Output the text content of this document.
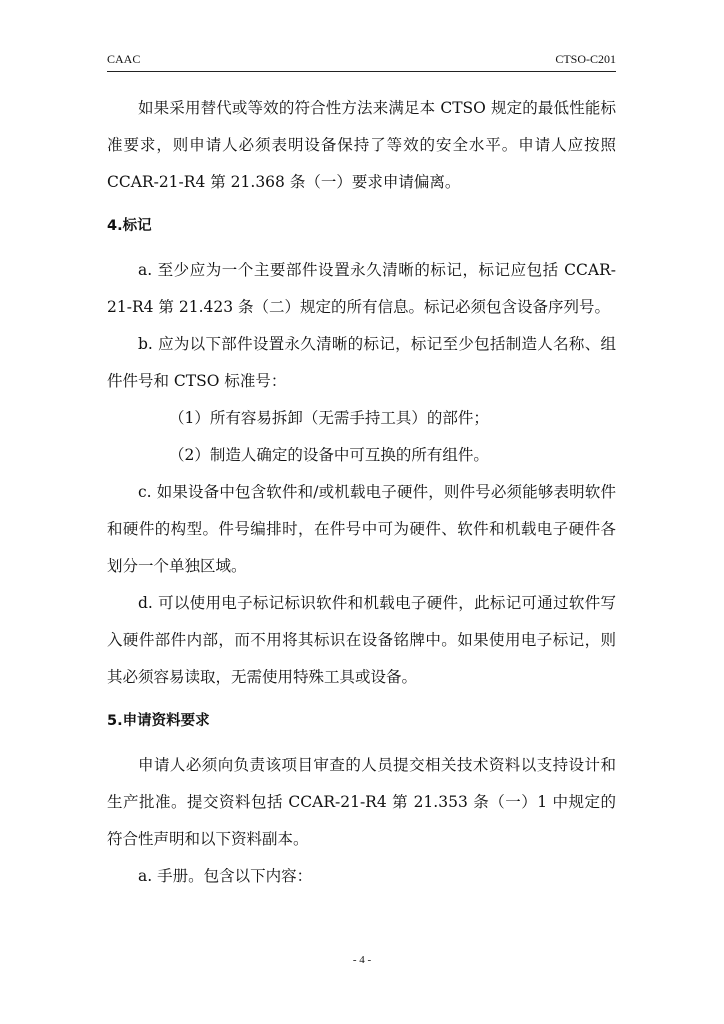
CAAC	CTSO-C201

如果采用替代或等效的符合性方法来满足本 CTSO 规定的最低性能标准要求，则申请人必须表明设备保持了等效的安全水平。申请人应按照 CCAR-21-R4 第 21.368 条（一）要求申请偏离。

4.标记

a. 至少应为一个主要部件设置永久清晰的标记，标记应包括 CCAR-21-R4 第 21.423 条（二）规定的所有信息。标记必须包含设备序列号。

b. 应为以下部件设置永久清晰的标记，标记至少包括制造人名称、组件件号和 CTSO 标准号：

（1）所有容易拆卸（无需手持工具）的部件；

（2）制造人确定的设备中可互换的所有组件。

c. 如果设备中包含软件和/或机载电子硬件，则件号必须能够表明软件和硬件的构型。件号编排时，在件号中可为硬件、软件和机载电子硬件各划分一个单独区域。

d. 可以使用电子标记标识软件和机载电子硬件，此标记可通过软件写入硬件部件内部，而不用将其标识在设备铭牌中。如果使用电子标记，则其必须容易读取，无需使用特殊工具或设备。

5.申请资料要求

申请人必须向负责该项目审查的人员提交相关技术资料以支持设计和生产批准。提交资料包括 CCAR-21-R4 第 21.353 条（一）1 中规定的符合性声明和以下资料副本。

a. 手册。包含以下内容：

- 4 -
